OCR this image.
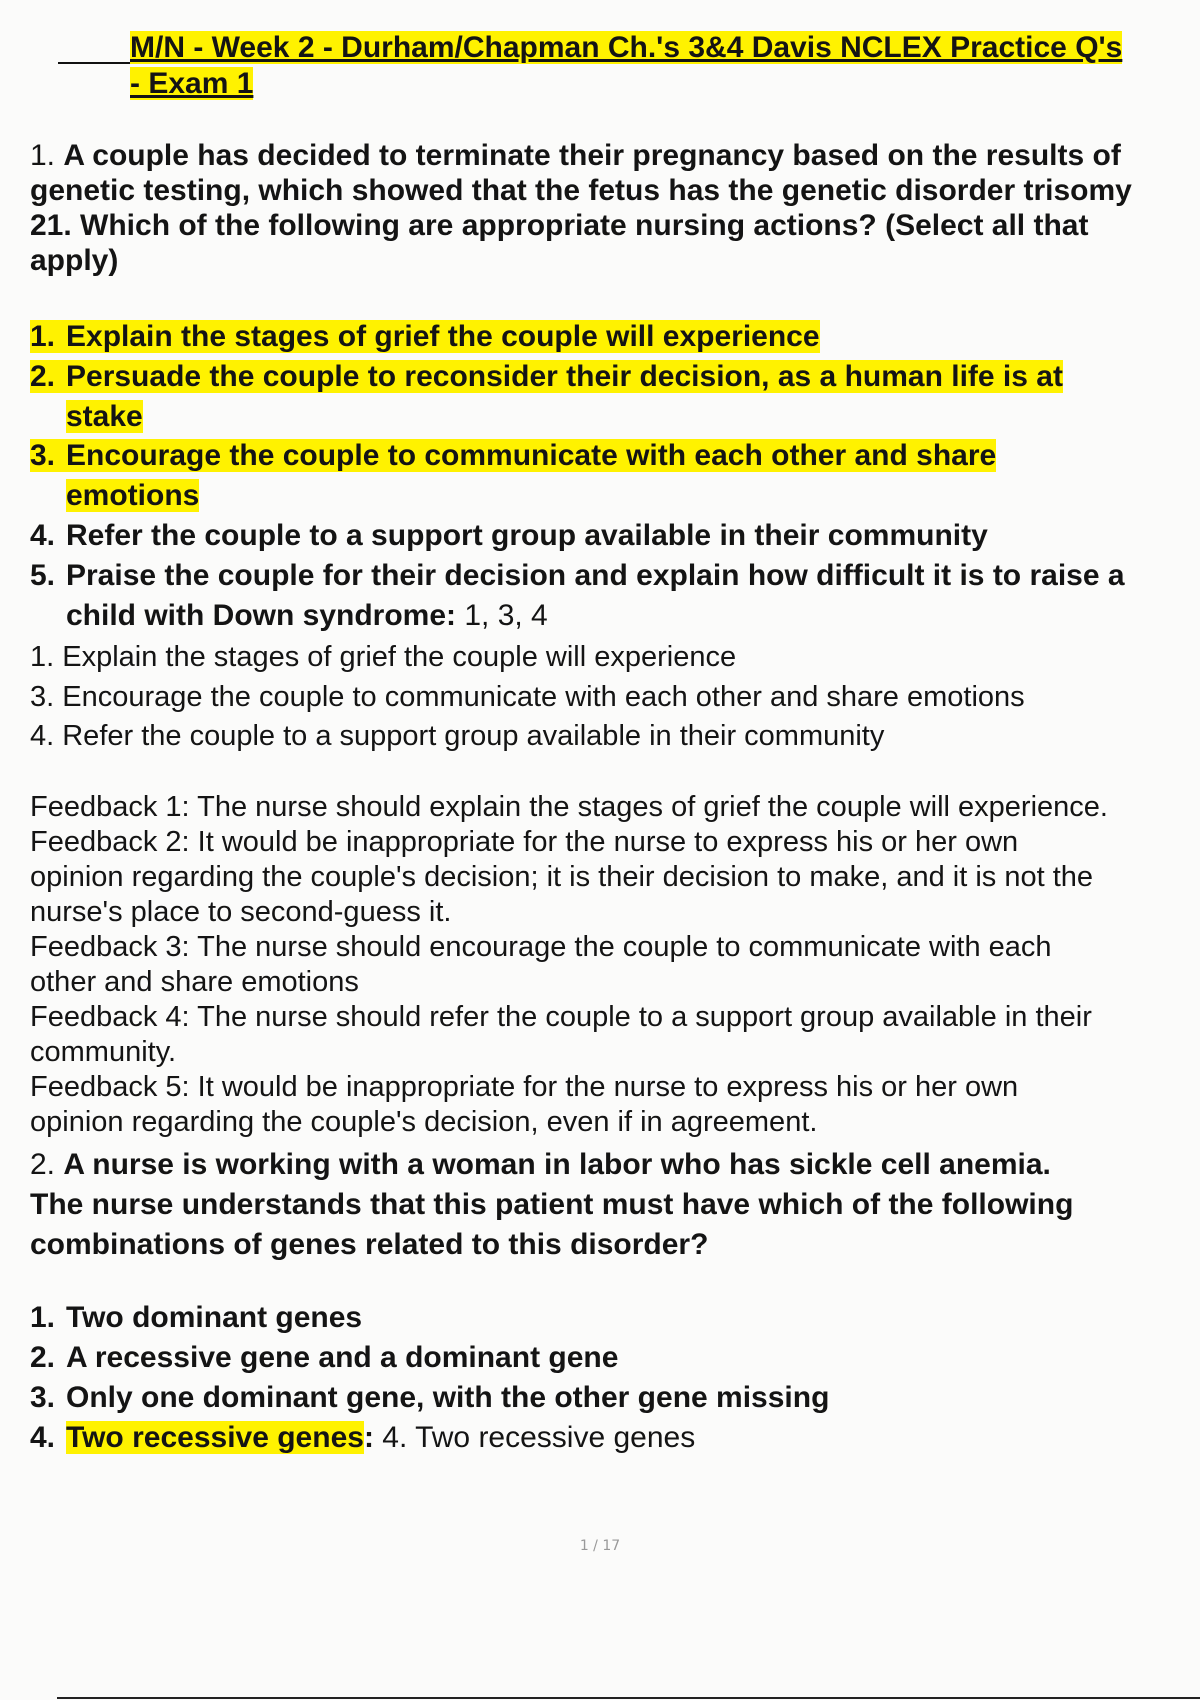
M/N - Week 2 - Durham/Chapman Ch.'s 3&4 Davis NCLEX Practice Q's
- Exam 1
1. A couple has decided to terminate their pregnancy based on the results of
genetic testing, which showed that the fetus has the genetic disorder trisomy
21. Which of the following are appropriate nursing actions? (Select all that
apply)
1. Explain the stages of grief the couple will experience
2. Persuade the couple to reconsider their decision, as a human life is at
stake
3. Encourage the couple to communicate with each other and share
emotions
4. Refer the couple to a support group available in their community
5. Praise the couple for their decision and explain how difficult it is to raise a
child with Down syndrome: 1, 3, 4
1. Explain the stages of grief the couple will experience
3. Encourage the couple to communicate with each other and share emotions
4. Refer the couple to a support group available in their community
Feedback 1: The nurse should explain the stages of grief the couple will experience.
Feedback 2: It would be inappropriate for the nurse to express his or her own
opinion regarding the couple's decision; it is their decision to make, and it is not the
nurse's place to second-guess it.
Feedback 3: The nurse should encourage the couple to communicate with each
other and share emotions
Feedback 4: The nurse should refer the couple to a support group available in their
community.
Feedback 5: It would be inappropriate for the nurse to express his or her own
opinion regarding the couple's decision, even if in agreement.
2. A nurse is working with a woman in labor who has sickle cell anemia.
The nurse understands that this patient must have which of the following
combinations of genes related to this disorder?
1. Two dominant genes
2. A recessive gene and a dominant gene
3. Only one dominant gene, with the other gene missing
4. Two recessive genes: 4. Two recessive genes
1 / 17
